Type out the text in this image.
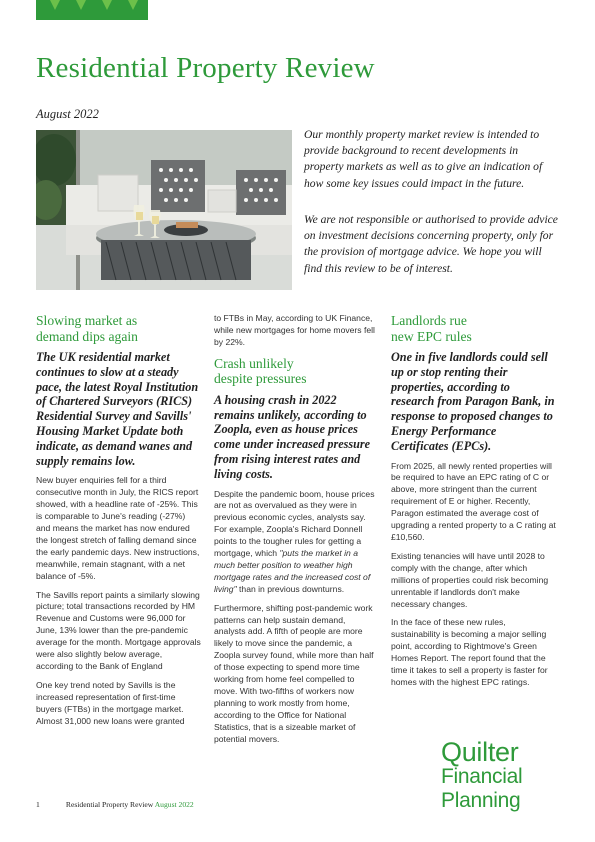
Residential Property Review
August 2022

Our monthly property market review is intended to provide background to recent developments in property markets as well as to give an indication of how some key issues could impact in the future.

We are not responsible or authorised to provide advice on investment decisions concerning property, only for the provision of mortgage advice. We hope you will find this review to be of interest.

Slowing market as
demand dips again

The UK residential market continues to slow at a steady pace, the latest Royal Institution of Chartered Surveyors (RICS) Residential Survey and Savills' Housing Market Update both indicate, as demand wanes and supply remains low.

New buyer enquiries fell for a third consecutive month in July, the RICS report showed, with a headline rate of -25%. This is comparable to June's reading (-27%) and means the market has now endured the longest stretch of falling demand since the early pandemic days. New instructions, meanwhile, remain stagnant, with a net balance of -5%.

The Savills report paints a similarly slowing picture; total transactions recorded by HM Revenue and Customs were 96,000 for June, 13% lower than the pre-pandemic average for the month. Mortgage approvals were also slightly below average, according to the Bank of England

One key trend noted by Savills is the increased representation of first-time buyers (FTBs) in the mortgage market. Almost 31,000 new loans were granted

to FTBs in May, according to UK Finance, while new mortgages for home movers fell by 22%.

Crash unlikely
despite pressures

A housing crash in 2022 remains unlikely, according to Zoopla, even as house prices come under increased pressure from rising interest rates and living costs.

Despite the pandemic boom, house prices are not as overvalued as they were in previous economic cycles, analysts say. For example, Zoopla's Richard Donnell points to the tougher rules for getting a mortgage, which "puts the market in a much better position to weather high mortgage rates and the increased cost of living" than in previous downturns.

Furthermore, shifting post-pandemic work patterns can help sustain demand, analysts add. A fifth of people are more likely to move since the pandemic, a Zoopla survey found, while more than half of those expecting to spend more time working from home feel compelled to move. With two-fifths of workers now planning to work mostly from home, according to the Office for National Statistics, that is a sizeable market of potential movers.

Landlords rue
new EPC rules

One in five landlords could sell up or stop renting their properties, according to research from Paragon Bank, in response to proposed changes to Energy Performance Certificates (EPCs).

From 2025, all newly rented properties will be required to have an EPC rating of C or above, more stringent than the current requirement of E or higher. Recently, Paragon estimated the average cost of upgrading a rented property to a C rating at £10,560.

Existing tenancies will have until 2028 to comply with the change, after which millions of properties could risk becoming unrentable if landlords don't make necessary changes.

In the face of these new rules, sustainability is becoming a major selling point, according to Rightmove's Green Homes Report. The report found that the time it takes to sell a property is faster for homes with the highest EPC ratings.

Quilter
Financial
Planning
1	Residential Property Review August 2022
